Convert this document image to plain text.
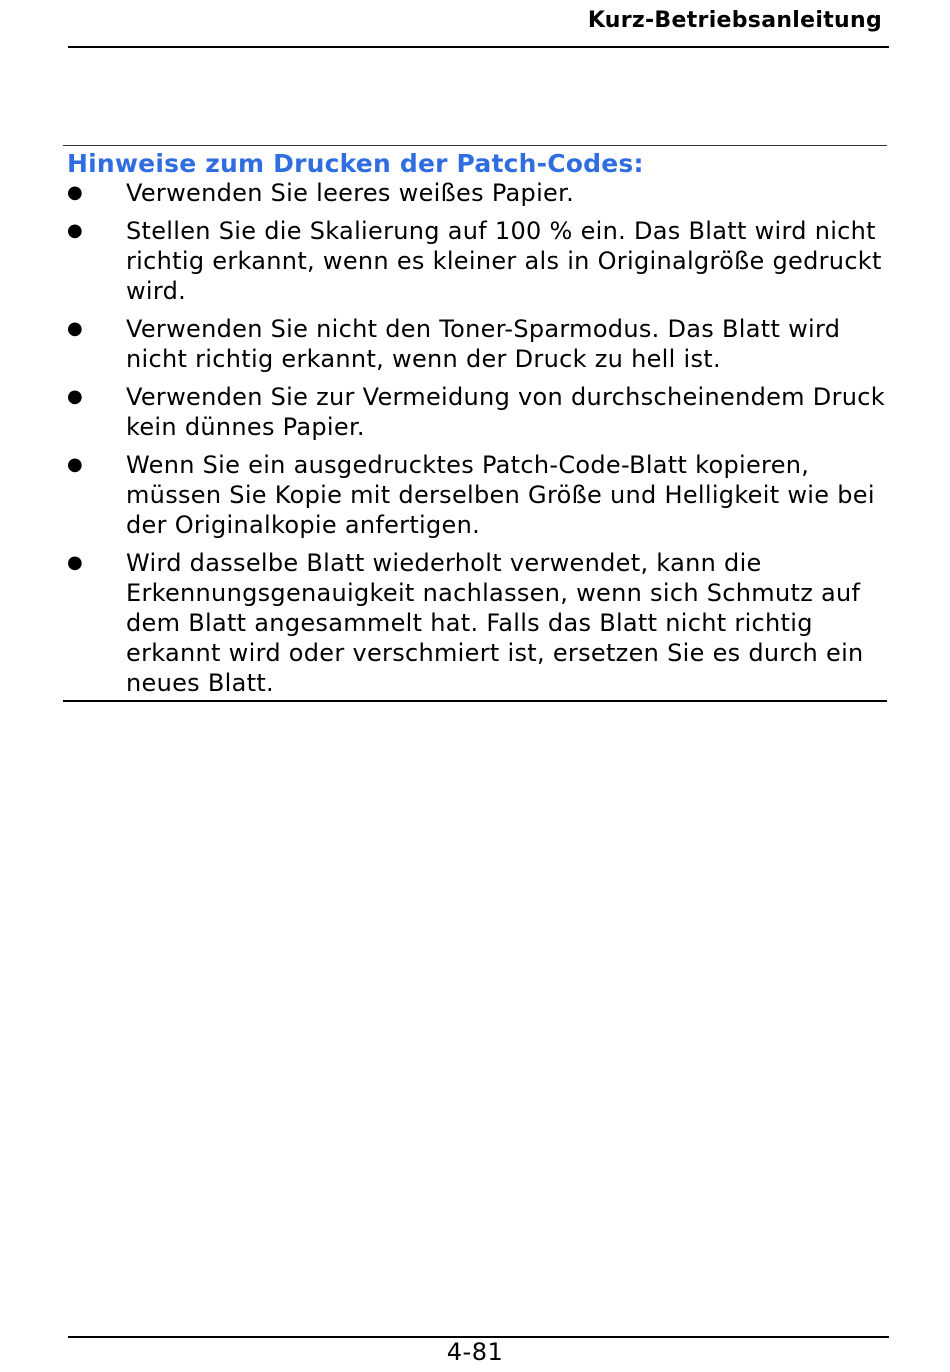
Kurz-Betriebsanleitung
Hinweise zum Drucken der Patch-Codes:
● Verwenden Sie leeres weißes Papier.
● Stellen Sie die Skalierung auf 100 % ein. Das Blatt wird nicht richtig erkannt, wenn es kleiner als in Originalgröße gedruckt wird.
● Verwenden Sie nicht den Toner-Sparmodus. Das Blatt wird nicht richtig erkannt, wenn der Druck zu hell ist.
● Verwenden Sie zur Vermeidung von durchscheinendem Druck kein dünnes Papier.
● Wenn Sie ein ausgedrucktes Patch-Code-Blatt kopieren, müssen Sie Kopie mit derselben Größe und Helligkeit wie bei der Originalkopie anfertigen.
● Wird dasselbe Blatt wiederholt verwendet, kann die Erkennungsgenauigkeit nachlassen, wenn sich Schmutz auf dem Blatt angesammelt hat. Falls das Blatt nicht richtig erkannt wird oder verschmiert ist, ersetzen Sie es durch ein neues Blatt.
4-81
